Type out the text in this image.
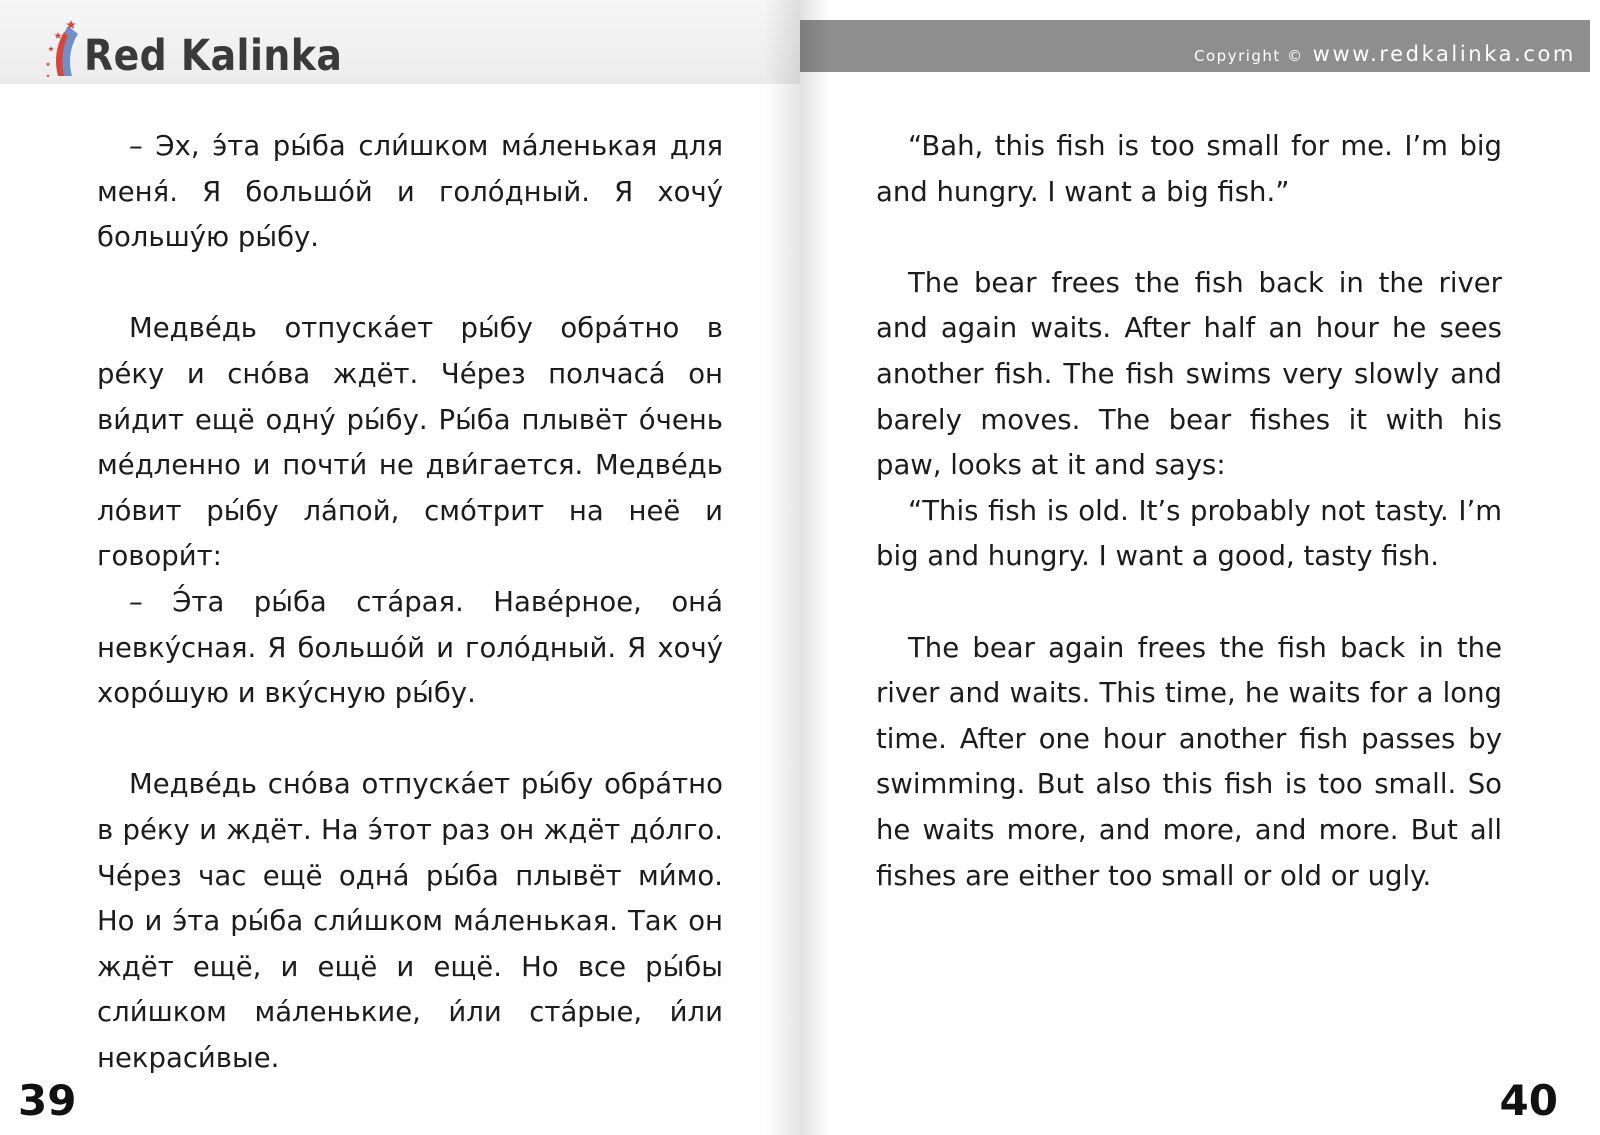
Red Kalinka

– Эх, э́та ры́ба сли́шком ма́ленькая для меня́. Я большо́й и голо́дный. Я хочу́ большу́ю ры́бу.

Медве́дь отпуска́ет ры́бу обра́тно в ре́ку и сно́ва ждёт. Че́рез полчаса́ он ви́дит ещё одну́ ры́бу. Ры́ба плывёт о́чень ме́дленно и почти́ не дви́гается. Медве́дь ло́вит ры́бу ла́пой, смо́трит на неё и говори́т:

– Э́та ры́ба ста́рая. Наве́рное, она́ невку́сная. Я большо́й и голо́дный. Я хочу́ хоро́шую и вку́сную ры́бу.

Медве́дь сно́ва отпуска́ет ры́бу обра́тно в ре́ку и ждёт. На э́тот раз он ждёт до́лго. Че́рез час ещё одна́ ры́ба плывёт ми́мо. Но и э́та ры́ба сли́шком ма́ленькая. Так он ждёт ещё, и ещё и ещё. Но все ры́бы сли́шком ма́ленькие, и́ли ста́рые, и́ли некраси́вые.

39
Copyright © www.redkalinka.com

“Bah, this fish is too small for me. I’m big and hungry. I want a big fish.”

The bear frees the fish back in the river and again waits. After half an hour he sees another fish. The fish swims very slowly and barely moves. The bear fishes it with his paw, looks at it and says:

“This fish is old. It’s probably not tasty. I’m big and hungry. I want a good, tasty fish.

The bear again frees the fish back in the river and waits. This time, he waits for a long time. After one hour another fish passes by swimming. But also this fish is too small. So he waits more, and more, and more. But all fishes are either too small or old or ugly.

40
